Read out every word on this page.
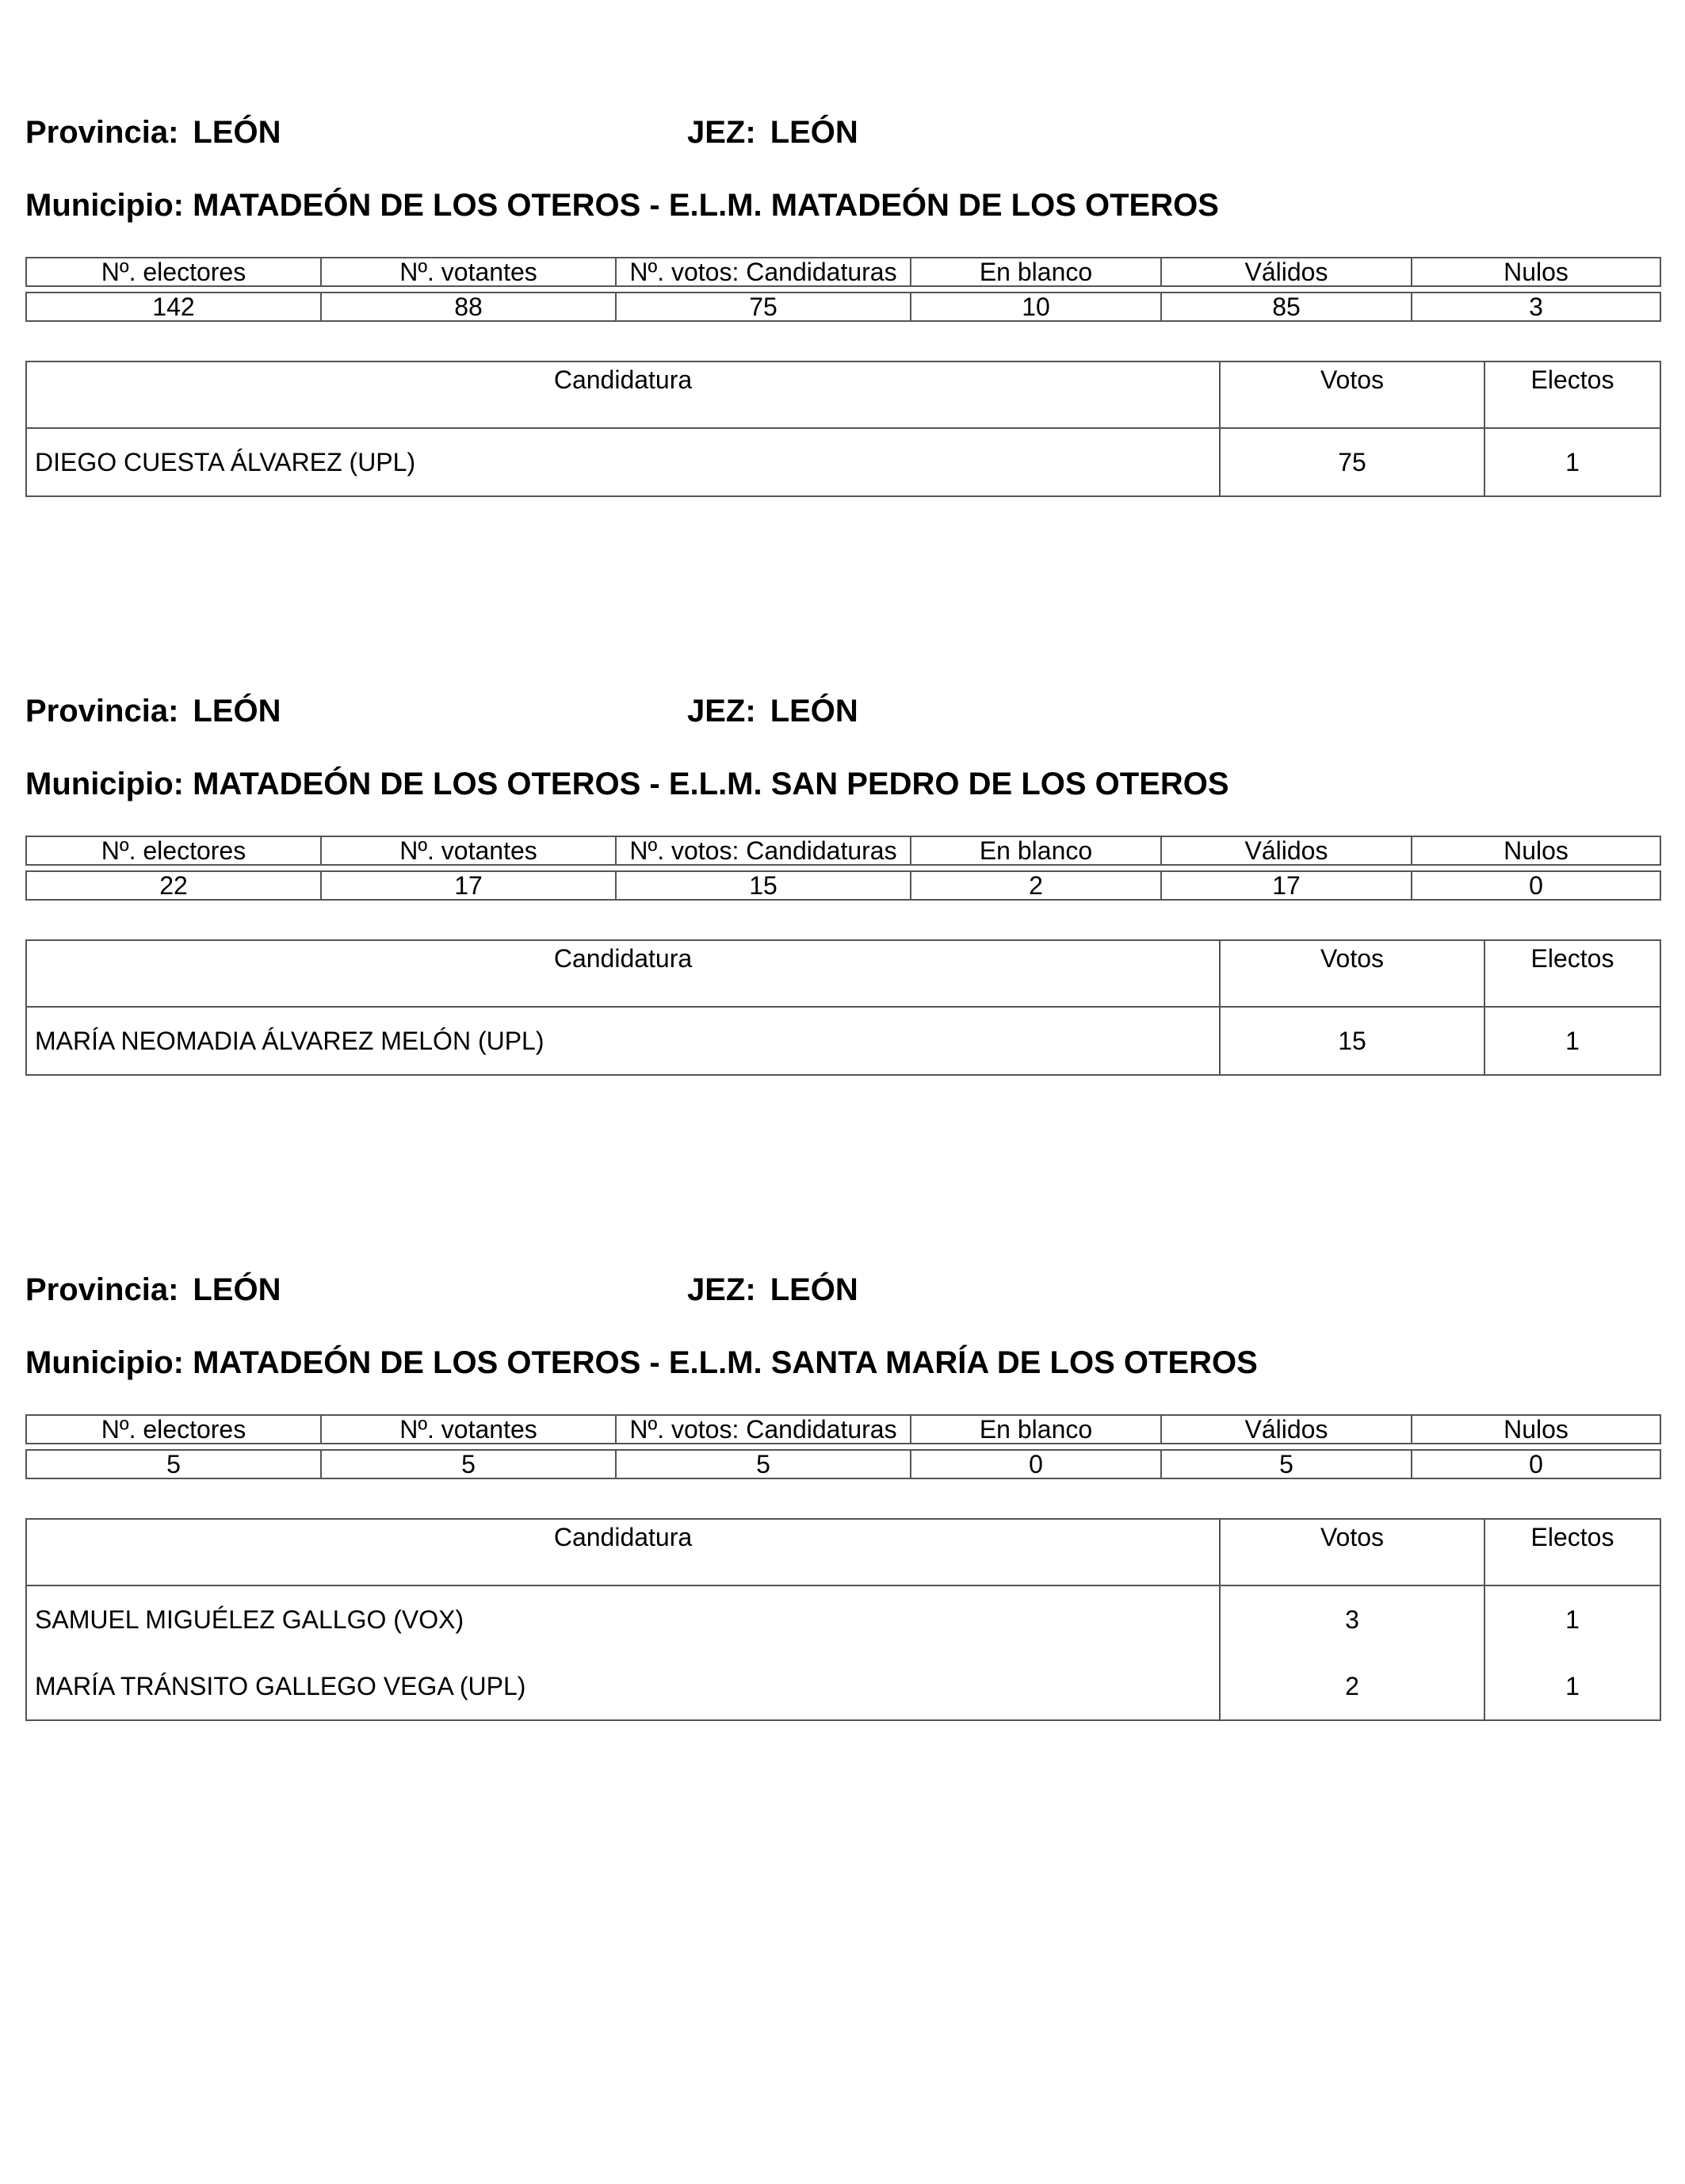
Provincia: LEÓN	JEZ: LEÓN
Municipio: MATADEÓN DE LOS OTEROS - E.L.M. MATADEÓN DE LOS OTEROS
Nº. electores	Nº. votantes	Nº. votos: Candidaturas	En blanco	Válidos	Nulos

142	88	75	10	85	3
Candidatura	Votos	Electos
DIEGO CUESTA ÁLVAREZ (UPL)	75	1
Provincia: LEÓN	JEZ: LEÓN
Municipio: MATADEÓN DE LOS OTEROS - E.L.M. SAN PEDRO DE LOS OTEROS
Nº. electores	Nº. votantes	Nº. votos: Candidaturas	En blanco	Válidos	Nulos

22	17	15	2	17	0
Candidatura	Votos	Electos
MARÍA NEOMADIA ÁLVAREZ MELÓN (UPL)	15	1
Provincia: LEÓN	JEZ: LEÓN
Municipio: MATADEÓN DE LOS OTEROS - E.L.M. SANTA MARÍA DE LOS OTEROS
Nº. electores	Nº. votantes	Nº. votos: Candidaturas	En blanco	Válidos	Nulos

5	5	5	0	5	0
Candidatura	Votos	Electos
SAMUEL MIGUÉLEZ GALLGO (VOX)	3	1
MARÍA TRÁNSITO GALLEGO VEGA (UPL)	2	1
